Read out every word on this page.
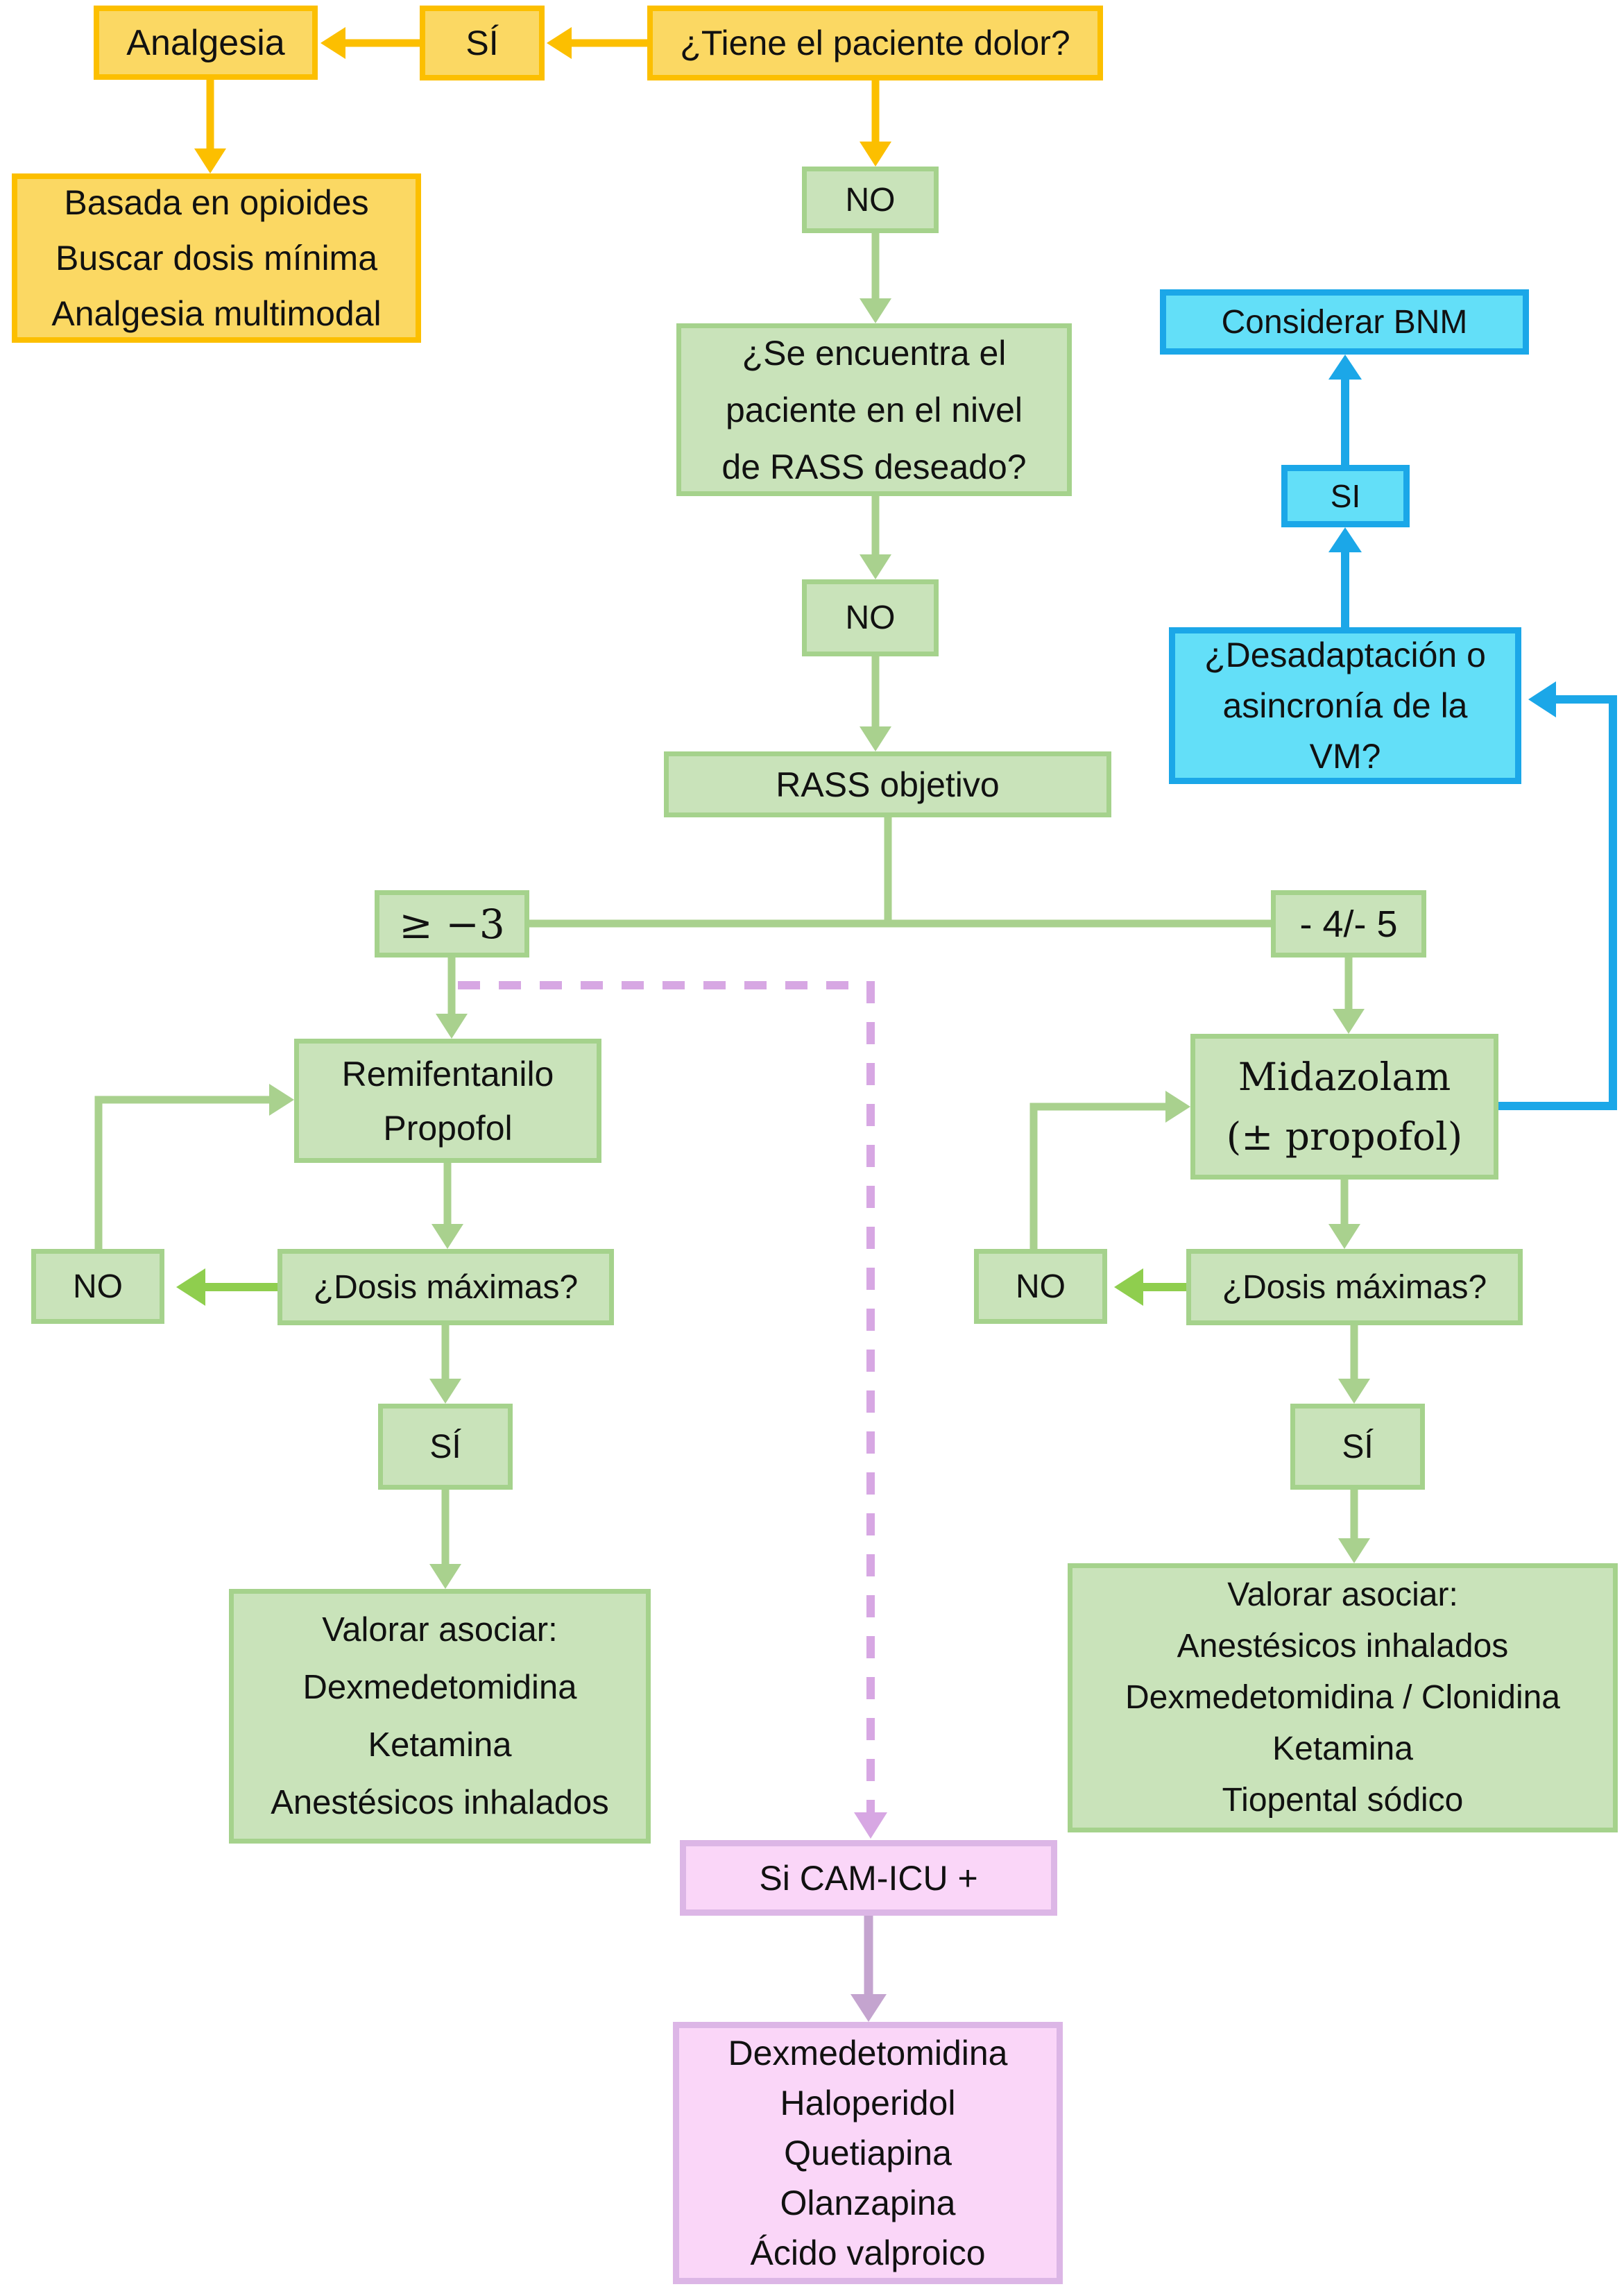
Analgesia	SÍ	¿Tiene el paciente dolor?
Basada en opioides
Buscar dosis mínima
Analgesia multimodal
NO
¿Se encuentra el
paciente en el nivel
de RASS deseado?
NO
RASS objetivo
≥ −3	- 4/- 5
Remifentanilo
Propofol
¿Dosis máximas?
NO
SÍ
Valorar asociar:
Dexmedetomidina
Ketamina
Anestésicos inhalados
Midazolam
(± propofol)
¿Dosis máximas?
NO
SÍ
Valorar asociar:
Anestésicos inhalados
Dexmedetomidina / Clonidina
Ketamina
Tiopental sódico
Considerar BNM
SI
¿Desadaptación o
asincronía de la
VM?
Si CAM-ICU +
Dexmedetomidina
Haloperidol
Quetiapina
Olanzapina
Ácido valproico
